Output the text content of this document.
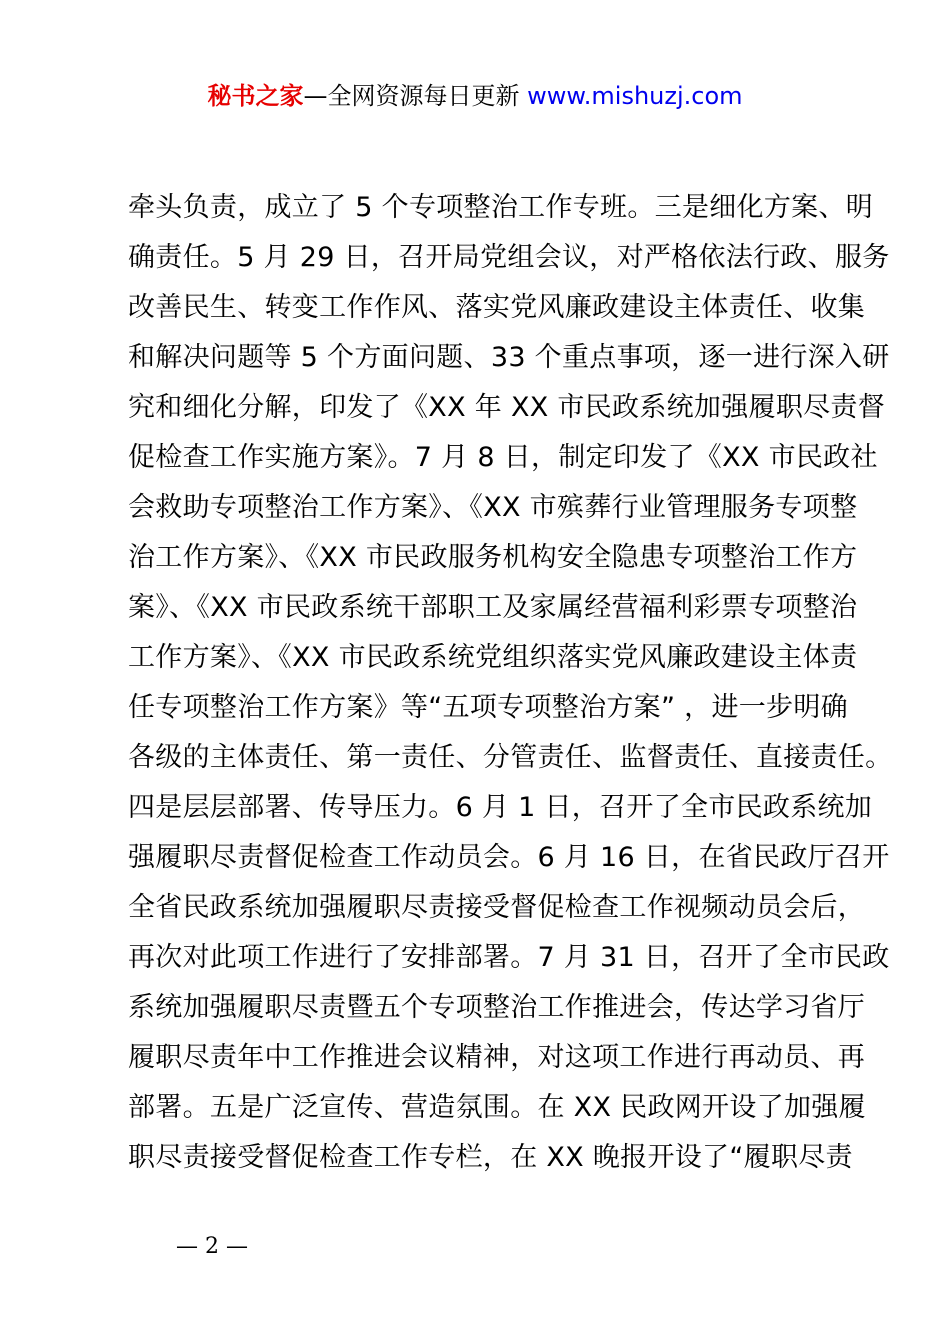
秘书之家—全网资源每日更新 www.mishuzj.com
牵头负责，成立了 5 个专项整治工作专班。三是细化方案、明
确责任。5 月 29 日，召开局党组会议，对严格依法行政、服务
改善民生、转变工作作风、落实党风廉政建设主体责任、收集
和解决问题等 5 个方面问题、33 个重点事项，逐一进行深入研
究和细化分解，印发了《XX 年 XX 市民政系统加强履职尽责督
促检查工作实施方案》。7 月 8 日，制定印发了《XX 市民政社
会救助专项整治工作方案》、《XX 市殡葬行业管理服务专项整
治工作方案》、《XX 市民政服务机构安全隐患专项整治工作方
案》、《XX 市民政系统干部职工及家属经营福利彩票专项整治
工作方案》、《XX 市民政系统党组织落实党风廉政建设主体责
任专项整治工作方案》等“五项专项整治方案” ，进一步明确
各级的主体责任、第一责任、分管责任、监督责任、直接责任。
四是层层部署、传导压力。6 月 1 日，召开了全市民政系统加
强履职尽责督促检查工作动员会。6 月 16 日，在省民政厅召开
全省民政系统加强履职尽责接受督促检查工作视频动员会后，
再次对此项工作进行了安排部署。7 月 31 日，召开了全市民政
系统加强履职尽责暨五个专项整治工作推进会，传达学习省厅
履职尽责年中工作推进会议精神，对这项工作进行再动员、再
部署。五是广泛宣传、营造氛围。在 XX 民政网开设了加强履
职尽责接受督促检查工作专栏，在 XX 晚报开设了“履职尽责
— 2 —
